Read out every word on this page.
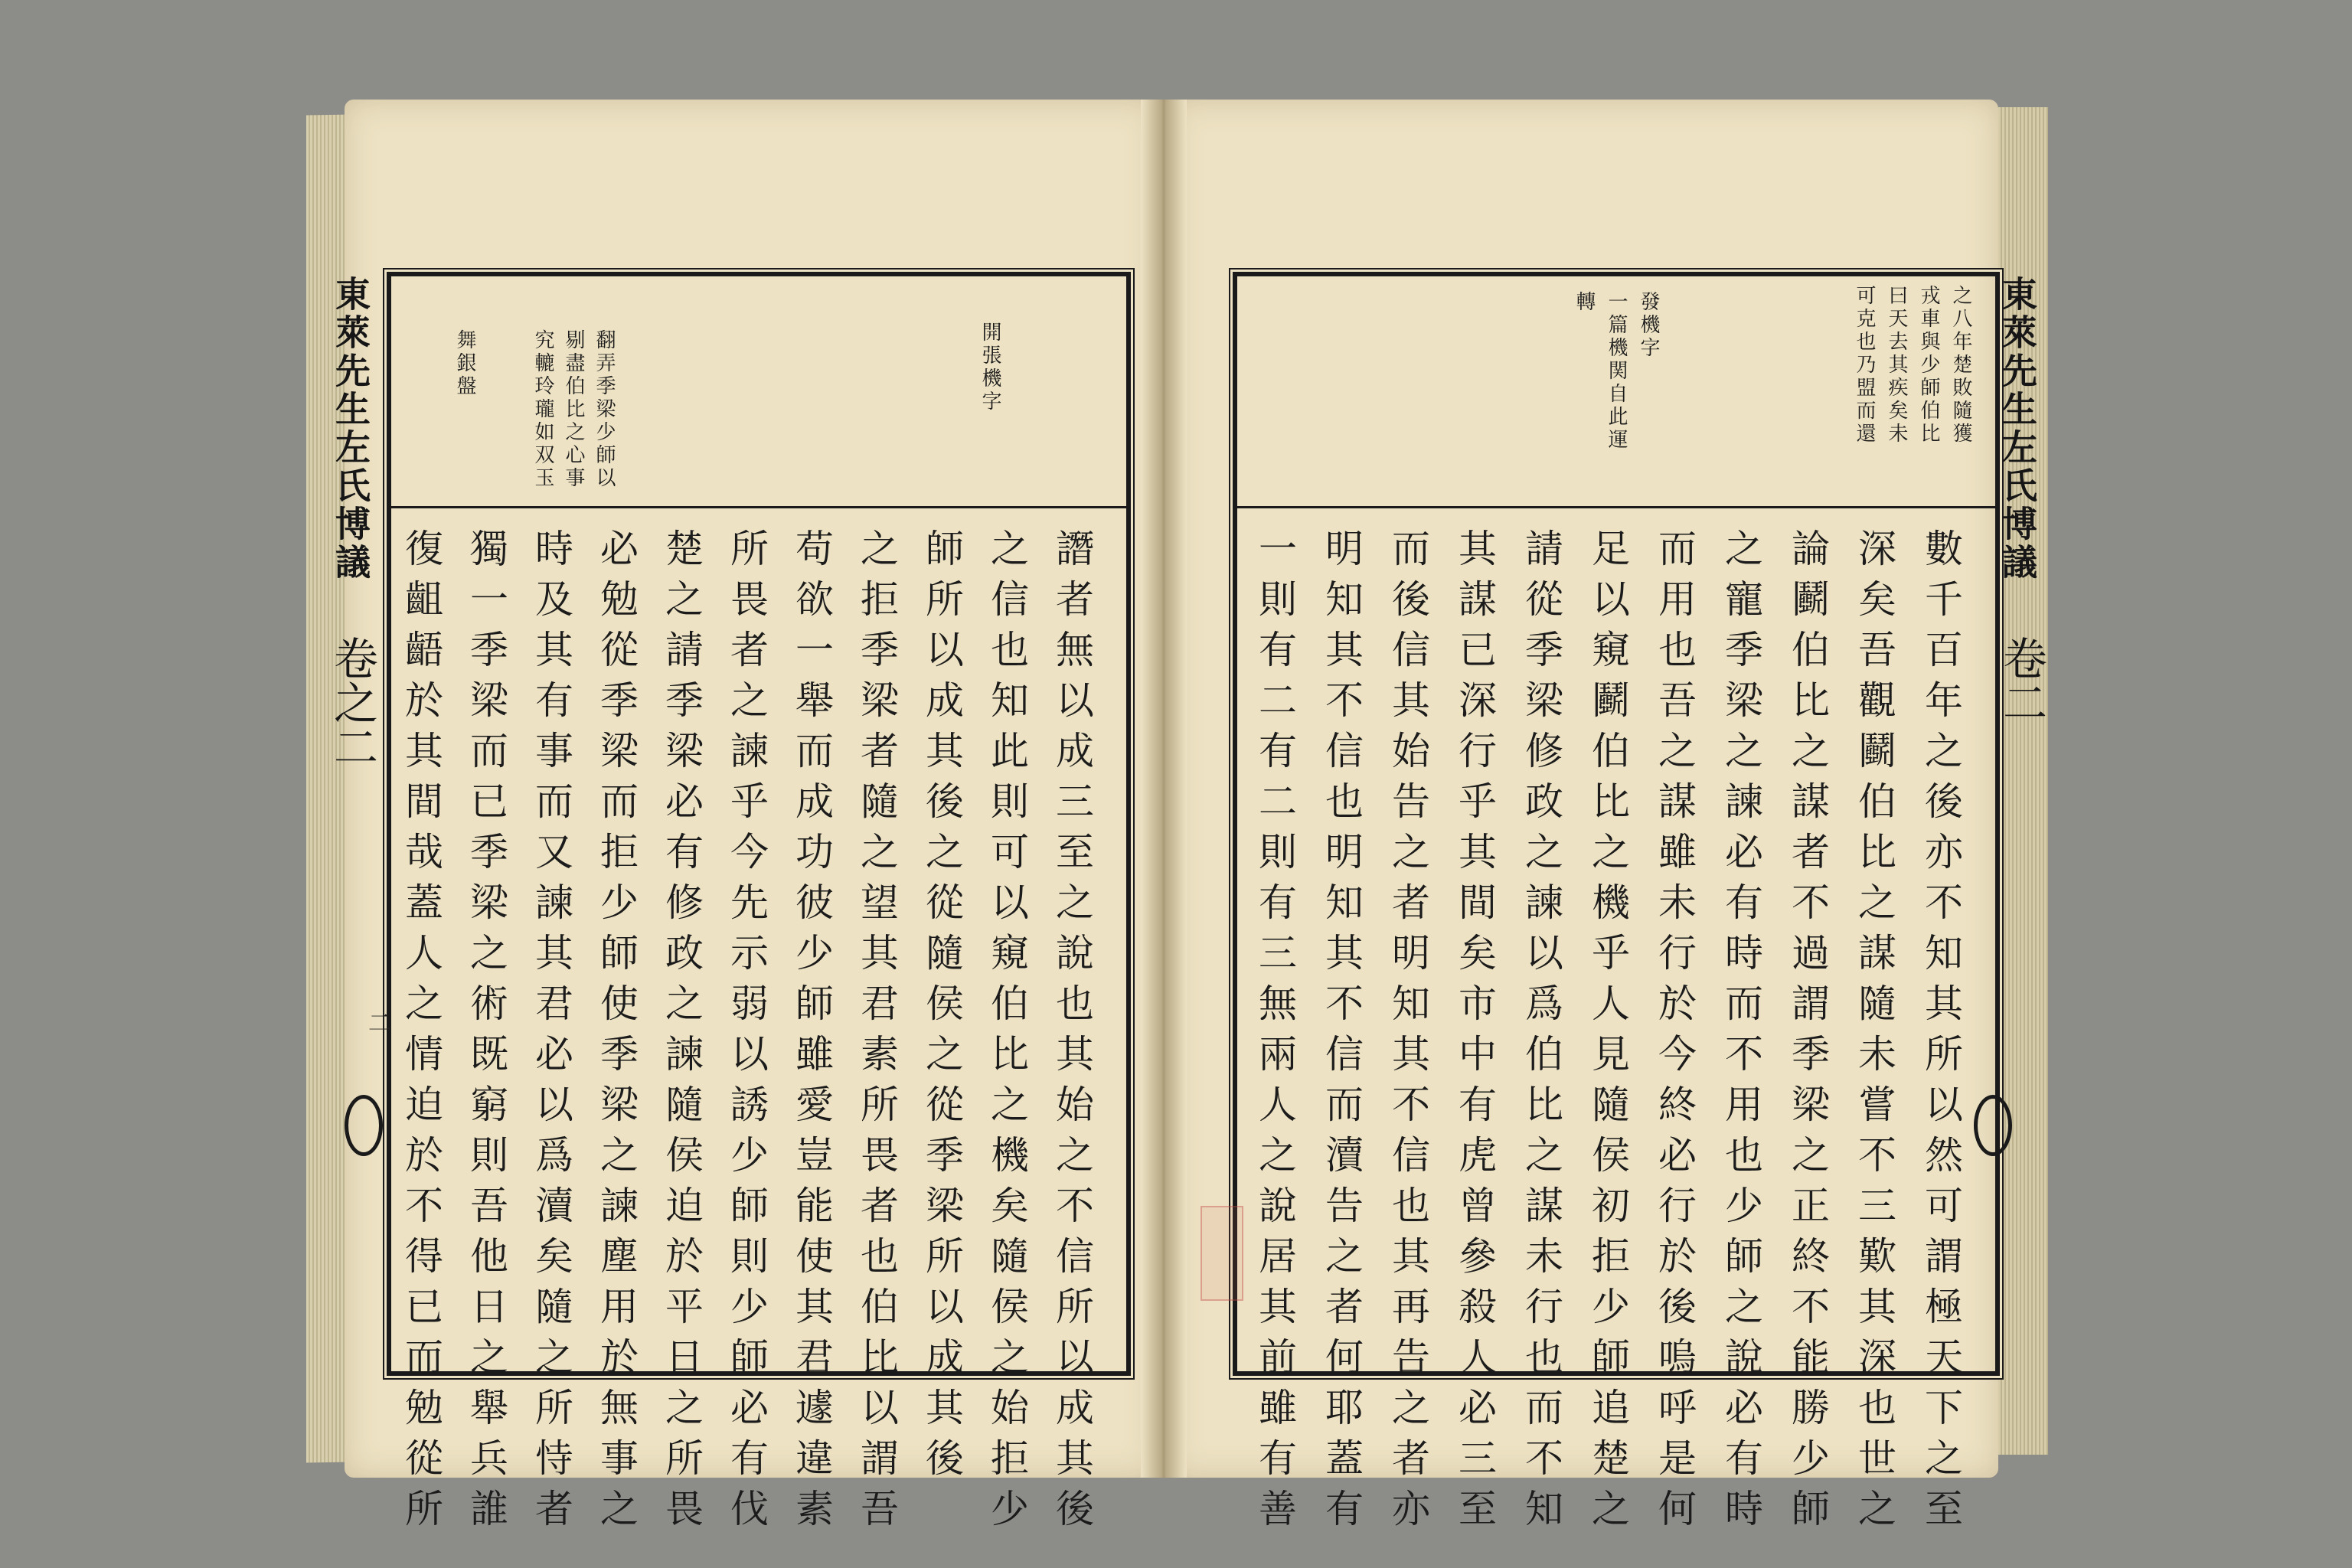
東萊先生左氏博議
卷之二
二
開張機字
翻弄季梁少師以
剔盡伯比之心事
究轆玲瓏如双玉
舞銀盤
譖者無以成三至之說也其始之不信所以成其後
之信也知此則可以窺伯比之機矣隨侯之始拒少
師所以成其後之從隨侯之從季梁所以成其後
之拒季梁者隨之望其君素所畏者也伯比以謂吾
苟欲一舉而成功彼少師雖愛豈能使其君遽違素
所畏者之諫乎今先示弱以誘少師則少師必有伐
楚之請季梁必有修政之諫隨侯迫於平日之所畏
必勉從季梁而拒少師使季梁之諫塵用於無事之
時及其有事而又諫其君必以爲瀆矣隨之所恃者
獨一季梁而已季梁之術既窮則吾他日之舉兵誰
復齟齬於其間哉蓋人之情迫於不得已而勉從所
東萊先生左氏博議
卷二
之八年楚敗隨獲
戎車與少師伯比
曰天去其疾矣未
可克也乃盟而還
發機字
一篇機関自此運
轉
數千百年之後亦不知其所以然可謂極天下之至
深矣吾觀鬬伯比之謀隨未嘗不三歎其深也世之
論鬬伯比之謀者不過謂季梁之正終不能勝少師
之寵季梁之諫必有時而不用也少師之說必有時
而用也吾之謀雖未行於今終必行於後嗚呼是何
足以窺鬬伯比之機乎人見隨侯初拒少師追楚之
請從季梁修政之諫以爲伯比之謀未行也而不知
其謀已深行乎其間矣市中有虎曾參殺人必三至
而後信其始告之者明知其不信也其再告之者亦
明知其不信也明知其不信而瀆告之者何耶蓋有
一則有二有二則有三無兩人之說居其前雖有善
